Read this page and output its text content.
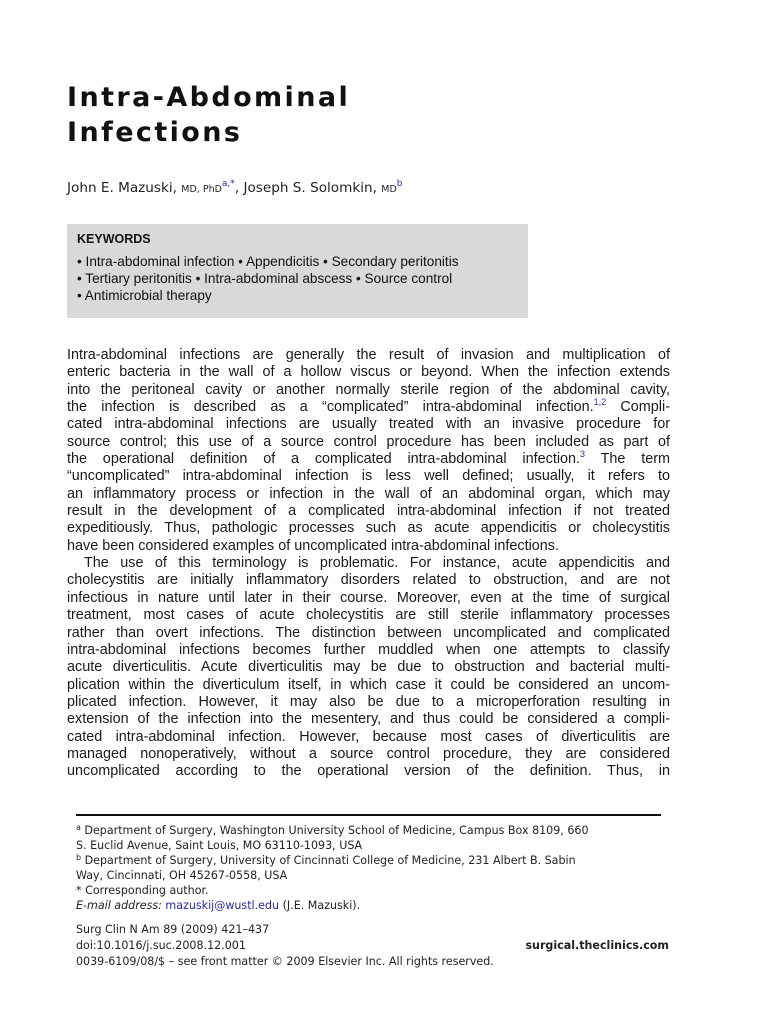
Intra-Abdominal
Infections
John E. Mazuski, MD, PhD$^{a,*}$, Joseph S. Solomkin, $MD^b$
KEYWORDS
• Intra-abdominal infection • Appendicitis • Secondary peritonitis
• Tertiary peritonitis • Intra-abdominal abscess • Source control
• Antimicrobial therapy

Intra-abdominal infections are generally the result of invasion and multiplication of

enteric bacteria in the wall of a hollow viscus or beyond. When the infection extends

into the peritoneal cavity or another normally sterile region of the abdominal cavity,

the infection is described as a “complicated” intra-abdominal infection.$^{1,2}$ Compli-

cated intra-abdominal infections are usually treated with an invasive procedure for

source control; this use of a source control procedure has been included as part of

the operational definition of a complicated intra-abdominal infection.$^3$ The term

“uncomplicated” intra-abdominal infection is less well defined; usually, it refers to

an inflammatory process or infection in the wall of an abdominal organ, which may

result in the development of a complicated intra-abdominal infection if not treated

expeditiously. Thus, pathologic processes such as acute appendicitis or cholecystitis

have been considered examples of uncomplicated intra-abdominal infections.

The use of this terminology is problematic. For instance, acute appendicitis and

cholecystitis are initially inflammatory disorders related to obstruction, and are not

infectious in nature until later in their course. Moreover, even at the time of surgical

treatment, most cases of acute cholecystitis are still sterile inflammatory processes

rather than overt infections. The distinction between uncomplicated and complicated

intra-abdominal infections becomes further muddled when one attempts to classify

acute diverticulitis. Acute diverticulitis may be due to obstruction and bacterial multi-

plication within the diverticulum itself, in which case it could be considered an uncom-

plicated infection. However, it may also be due to a microperforation resulting in

extension of the infection into the mesentery, and thus could be considered a compli-

cated intra-abdominal infection. However, because most cases of diverticulitis are

managed nonoperatively, without a source control procedure, they are considered

uncomplicated according to the operational version of the definition. Thus, in

$^a$ Department of Surgery, Washington University School of Medicine, Campus Box 8109, 660
S. Euclid Avenue, Saint Louis, MO 63110-1093, USA
$^b$ Department of Surgery, University of Cincinnati College of Medicine, 231 Albert B. Sabin
Way, Cincinnati, OH 45267-0558, USA
* Corresponding author.
E-mail address: mazuskij@wustl.edu (J.E. Mazuski).
Surg Clin N Am 89 (2009) 421–437
doi:10.1016/j.suc.2008.12.001
0039-6109/08/$ – see front matter © 2009 Elsevier Inc. All rights reserved.
surgical.theclinics.com
